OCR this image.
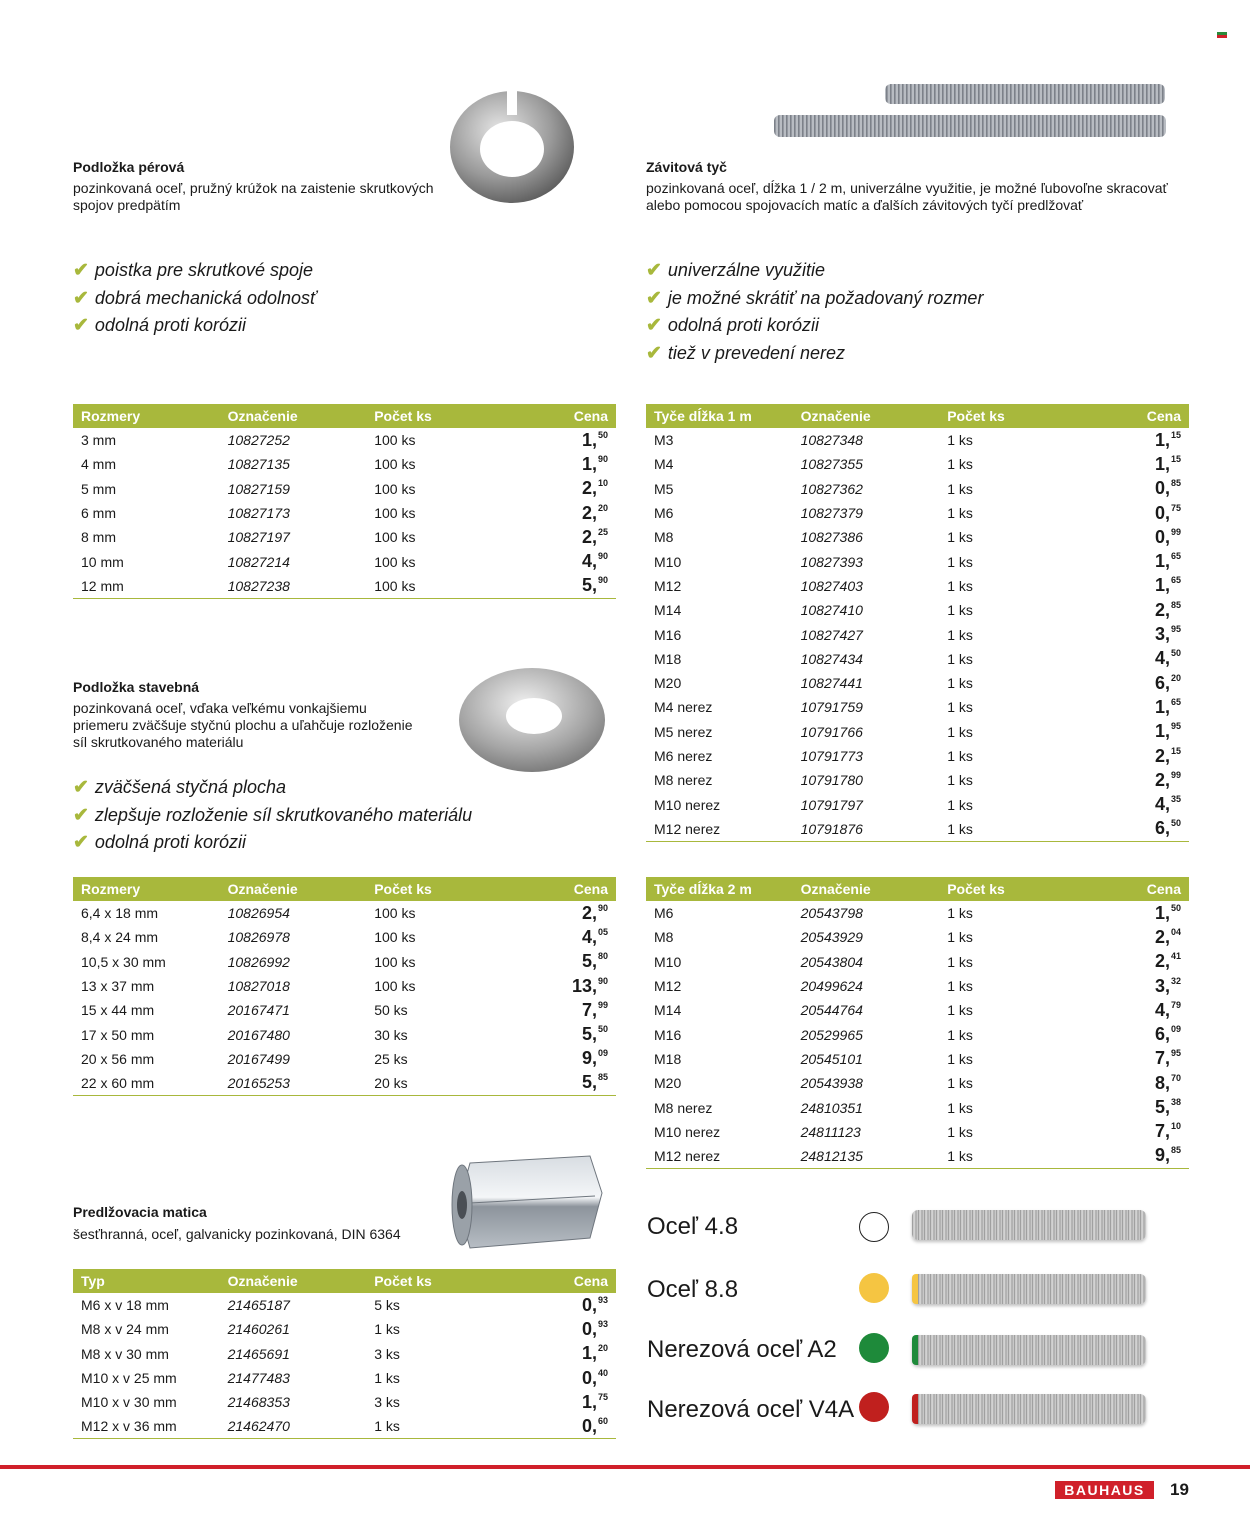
Podložka pérová
pozinkovaná oceľ, pružný krúžok na zaistenie skrutkových
spojov predpätím
✔ poistka pre skrutkové spoje
✔ dobrá mechanická odolnosť
✔ odolná proti korózii
Rozmery	Označenie	Počet ks	Cena
3 mm	10827252	100 ks	1,50
4 mm	10827135	100 ks	1,90
5 mm	10827159	100 ks	2,10
6 mm	10827173	100 ks	2,20
8 mm	10827197	100 ks	2,25
10 mm	10827214	100 ks	4,90
12 mm	10827238	100 ks	5,90
Závitová tyč
pozinkovaná oceľ, dĺžka 1 / 2 m, univerzálne využitie, je možné ľubovoľne skracovať
alebo pomocou spojovacích matíc a ďalších závitových tyčí predlžovať
✔ univerzálne využitie
✔ je možné skrátiť na požadovaný rozmer
✔ odolná proti korózii
✔ tiež v prevedení nerez
Tyče dĺžka 1 m	Označenie	Počet ks	Cena
M3	10827348	1 ks	1,15
M4	10827355	1 ks	1,15
M5	10827362	1 ks	0,85
M6	10827379	1 ks	0,75
M8	10827386	1 ks	0,99
M10	10827393	1 ks	1,65
M12	10827403	1 ks	1,65
M14	10827410	1 ks	2,85
M16	10827427	1 ks	3,95
M18	10827434	1 ks	4,50
M20	10827441	1 ks	6,20
M4 nerez	10791759	1 ks	1,65
M5 nerez	10791766	1 ks	1,95
M6 nerez	10791773	1 ks	2,15
M8 nerez	10791780	1 ks	2,99
M10 nerez	10791797	1 ks	4,35
M12 nerez	10791876	1 ks	6,50
Tyče dĺžka 2 m	Označenie	Počet ks	Cena
M6	20543798	1 ks	1,50
M8	20543929	1 ks	2,04
M10	20543804	1 ks	2,41
M12	20499624	1 ks	3,32
M14	20544764	1 ks	4,79
M16	20529965	1 ks	6,09
M18	20545101	1 ks	7,95
M20	20543938	1 ks	8,70
M8 nerez	24810351	1 ks	5,38
M10 nerez	24811123	1 ks	7,10
M12 nerez	24812135	1 ks	9,85
Podložka stavebná
pozinkovaná oceľ, vďaka veľkému vonkajšiemu
priemeru zväčšuje styčnú plochu a uľahčuje rozloženie
síl skrutkovaného materiálu
✔ zväčšená styčná plocha
✔ zlepšuje rozloženie síl skrutkovaného materiálu
✔ odolná proti korózii
Rozmery	Označenie	Počet ks	Cena
6,4 x 18 mm	10826954	100 ks	2,90
8,4 x 24 mm	10826978	100 ks	4,05
10,5 x 30 mm	10826992	100 ks	5,80
13 x 37 mm	10827018	100 ks	13,90
15 x 44 mm	20167471	50 ks	7,99
17 x 50 mm	20167480	30 ks	5,50
20 x 56 mm	20167499	25 ks	9,09
22 x 60 mm	20165253	20 ks	5,85
Predlžovacia matica
šesťhranná, oceľ, galvanicky pozinkovaná, DIN 6364
Typ	Označenie	Počet ks	Cena
M6 x v 18 mm	21465187	5 ks	0,93
M8 x v 24 mm	21460261	1 ks	0,93
M8 x v 30 mm	21465691	3 ks	1,20
M10 x v 25 mm	21477483	1 ks	0,40
M10 x v 30 mm	21468353	3 ks	1,75
M12 x v 36 mm	21462470	1 ks	0,60
Oceľ 4.8
Oceľ 8.8
Nerezová oceľ A2
Nerezová oceľ V4A
BAUHAUS	19
